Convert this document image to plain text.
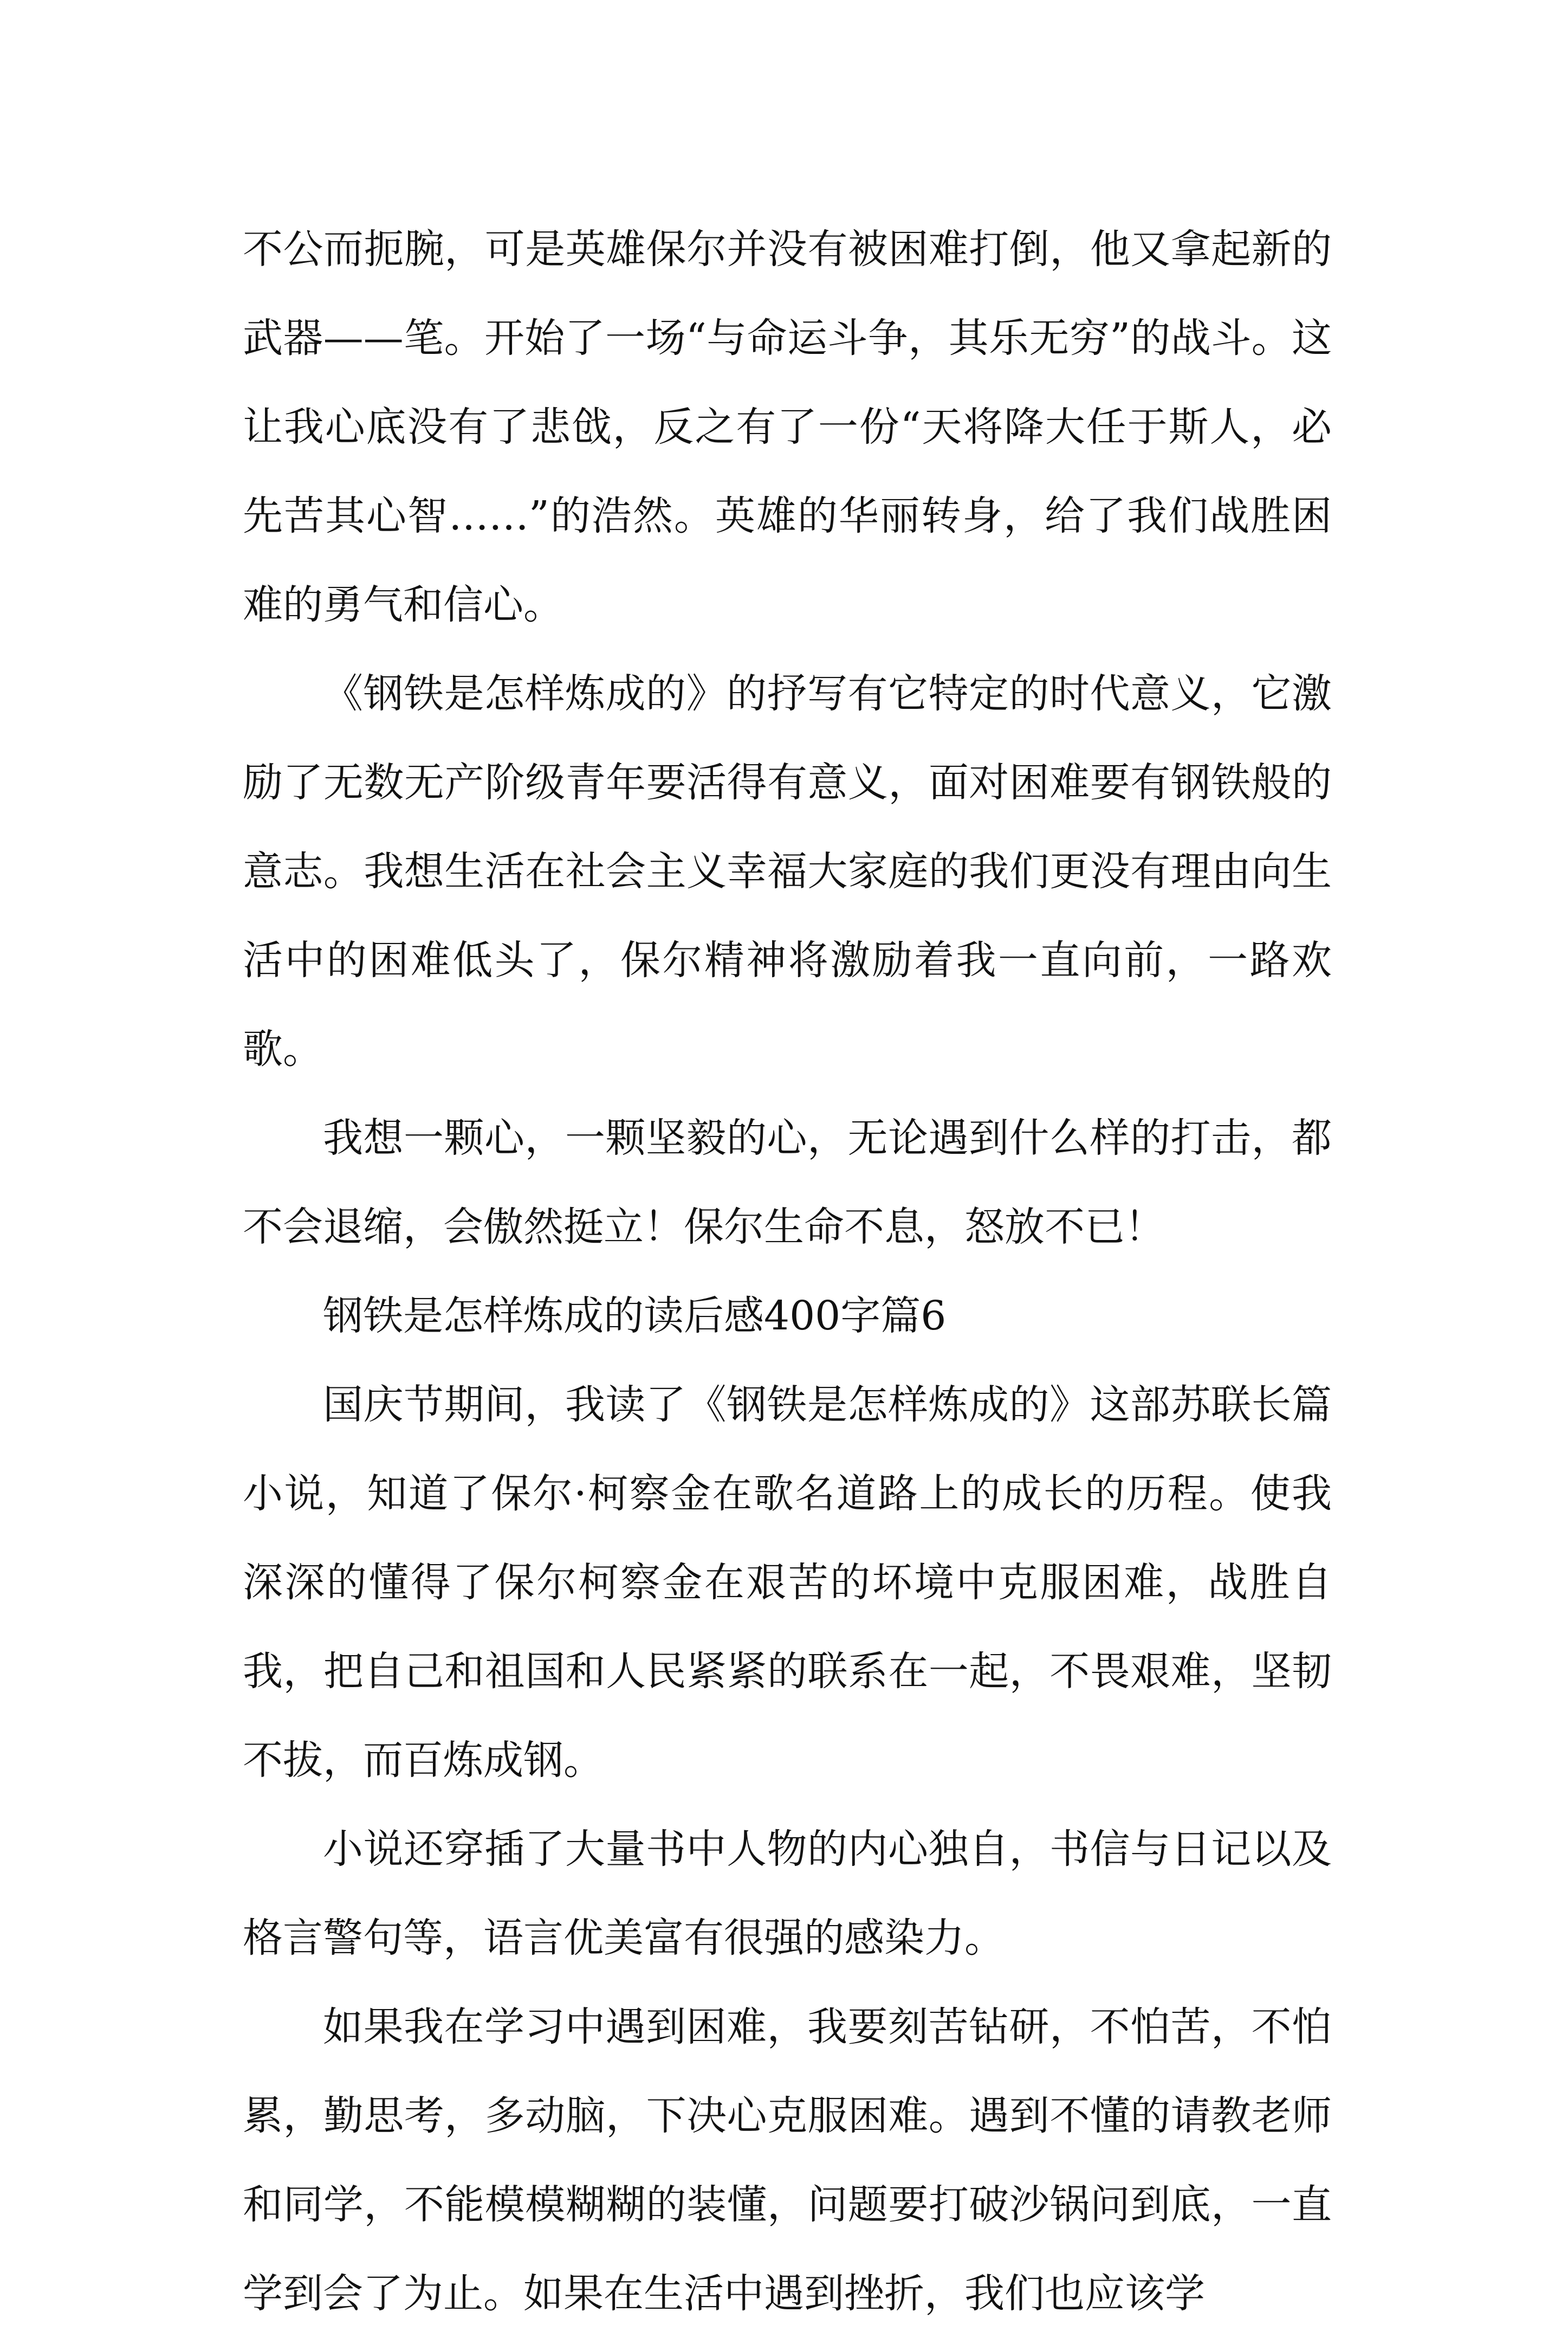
不公而扼腕，可是英雄保尔并没有被困难打倒，他又拿起新的武器——笔。开始了一场“与命运斗争，其乐无穷”的战斗。这让我心底没有了悲戗，反之有了一份“天将降大任于斯人，必先苦其心智……”的浩然。英雄的华丽转身，给了我们战胜困难的勇气和信心。

《钢铁是怎样炼成的》的抒写有它特定的时代意义，它激励了无数无产阶级青年要活得有意义，面对困难要有钢铁般的意志。我想生活在社会主义幸福大家庭的我们更没有理由向生活中的困难低头了，保尔精神将激励着我一直向前，一路欢歌。

我想一颗心，一颗坚毅的心，无论遇到什么样的打击，都不会退缩，会傲然挺立！保尔生命不息，怒放不已！

钢铁是怎样炼成的读后感400字篇6

国庆节期间，我读了《钢铁是怎样炼成的》这部苏联长篇小说，知道了保尔·柯察金在歌名道路上的成长的历程。使我深深的懂得了保尔柯察金在艰苦的坏境中克服困难，战胜自我，把自己和祖国和人民紧紧的联系在一起，不畏艰难，坚韧不拔，而百炼成钢。

小说还穿插了大量书中人物的内心独自，书信与日记以及格言警句等，语言优美富有很强的感染力。

如果我在学习中遇到困难，我要刻苦钻研，不怕苦，不怕累，勤思考，多动脑，下决心克服困难。遇到不懂的请教老师和同学，不能模模糊糊的装懂，问题要打破沙锅问到底，一直学到会了为止。如果在生活中遇到挫折，我们也应该学
